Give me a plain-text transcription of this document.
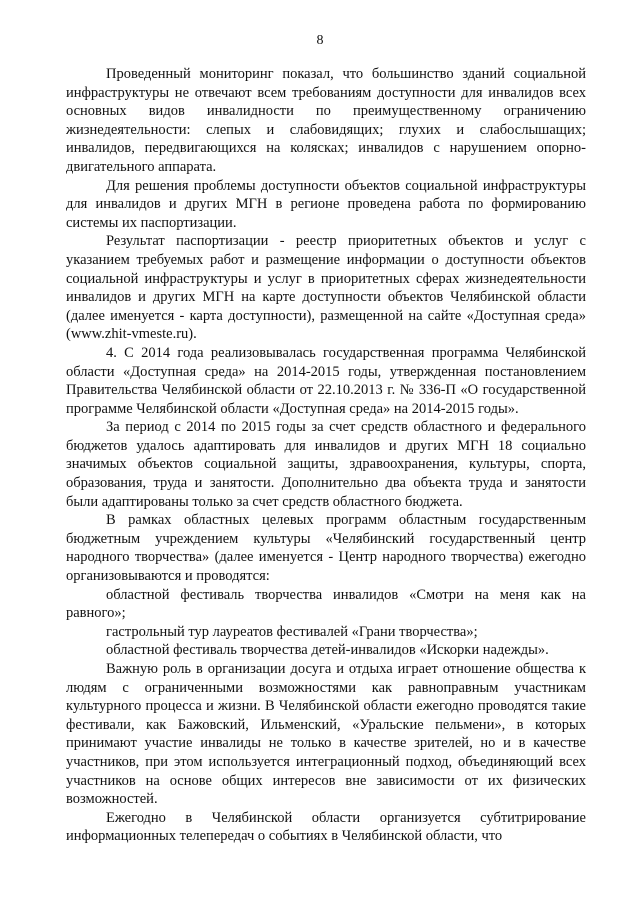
8

Проведенный мониторинг показал, что большинство зданий социальной инфраструктуры не отвечают всем требованиям доступности для инвалидов всех основных видов инвалидности по преимущественному ограничению жизнедеятельности: слепых и слабовидящих; глухих и слабослышащих; инвалидов, передвигающихся на колясках; инвалидов с нарушением опорно-двигательного аппарата.

Для решения проблемы доступности объектов социальной инфраструктуры для инвалидов и других МГН в регионе проведена работа по формированию системы их паспортизации.

Результат паспортизации - реестр приоритетных объектов и услуг с указанием требуемых работ и размещение информации о доступности объектов социальной инфраструктуры и услуг в приоритетных сферах жизнедеятельности инвалидов и других МГН на карте доступности объектов Челябинской области (далее именуется - карта доступности), размещенной на сайте «Доступная среда» (www.zhit-vmeste.ru).

4. С 2014 года реализовывалась государственная программа Челябинской области «Доступная среда» на 2014-2015 годы, утвержденная постановлением Правительства Челябинской области от 22.10.2013 г. № 336-П «О государственной программе Челябинской области «Доступная среда» на 2014-2015 годы».

За период с 2014 по 2015 годы за счет средств областного и федерального бюджетов удалось адаптировать для инвалидов и других МГН 18 социально значимых объектов социальной защиты, здравоохранения, культуры, спорта, образования, труда и занятости. Дополнительно два объекта труда и занятости были адаптированы только за счет средств областного бюджета.

В рамках областных целевых программ областным государственным бюджетным учреждением культуры «Челябинский государственный центр народного творчества» (далее именуется - Центр народного творчества) ежегодно организовываются и проводятся:

областной фестиваль творчества инвалидов «Смотри на меня как на равного»;

гастрольный тур лауреатов фестивалей «Грани творчества»;

областной фестиваль творчества детей-инвалидов «Искорки надежды».

Важную роль в организации досуга и отдыха играет отношение общества к людям с ограниченными возможностями как равноправным участникам культурного процесса и жизни. В Челябинской области ежегодно проводятся такие фестивали, как Бажовский, Ильменский, «Уральские пельмени», в которых принимают участие инвалиды не только в качестве зрителей, но и в качестве участников, при этом используется интеграционный подход, объединяющий всех участников на основе общих интересов вне зависимости от их физических возможностей.

Ежегодно в Челябинской области организуется субтитрирование информационных телепередач о событиях в Челябинской области, что
